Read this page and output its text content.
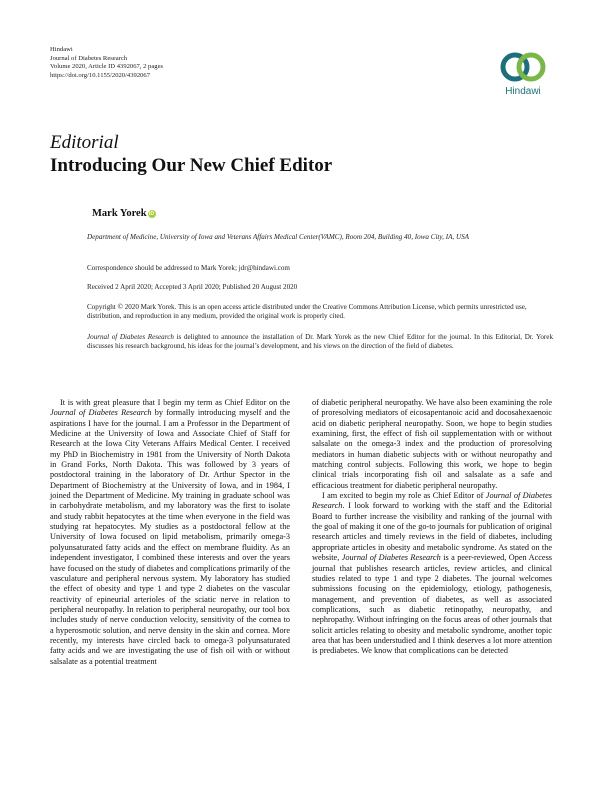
Hindawi
Journal of Diabetes Research
Volume 2020, Article ID 4392067, 2 pages
https://doi.org/10.1155/2020/4392067
Hindawi
Editorial
Introducing Our New Chief Editor
Mark Yorek iD
Department of Medicine, University of Iowa and Veterans Affairs Medical Center(VAMC), Room 204, Building 40, Iowa City, IA, USA
Correspondence should be addressed to Mark Yorek; jdr@hindawi.com
Received 2 April 2020; Accepted 3 April 2020; Published 20 August 2020
Copyright © 2020 Mark Yorek. This is an open access article distributed under the Creative Commons Attribution License, which permits unrestricted use, distribution, and reproduction in any medium, provided the original work is properly cited.
Journal of Diabetes Research is delighted to announce the installation of Dr. Mark Yorek as the new Chief Editor for the journal. In this Editorial, Dr. Yorek discusses his research background, his ideas for the journal’s development, and his views on the direction of the field of diabetes.

It is with great pleasure that I begin my term as Chief Editor on the Journal of Diabetes Research by formally introducing myself and the aspirations I have for the journal. I am a Professor in the Department of Medicine at the University of Iowa and Associate Chief of Staff for Research at the Iowa City Veterans Affairs Medical Center. I received my PhD in Biochemistry in 1981 from the University of North Dakota in Grand Forks, North Dakota. This was followed by 3 years of postdoctoral training in the laboratory of Dr. Arthur Spector in the Department of Biochemistry at the University of Iowa, and in 1984, I joined the Department of Medicine. My training in graduate school was in carbohydrate metabolism, and my laboratory was the first to isolate and study rabbit hepatocytes at the time when everyone in the field was studying rat hepatocytes. My studies as a postdoctoral fellow at the University of Iowa focused on lipid metabolism, primarily omega-3 polyunsaturated fatty acids and the effect on membrane fluidity. As an independent investigator, I combined these interests and over the years have focused on the study of diabetes and complications primarily of the vasculature and peripheral nervous system. My laboratory has studied the effect of obesity and type 1 and type 2 diabetes on the vascular reactivity of epineurial arterioles of the sciatic nerve in relation to peripheral neuropathy. In relation to peripheral neuropathy, our tool box includes study of nerve conduction velocity, sensitivity of the cornea to a hyperosmotic solution, and nerve density in the skin and cornea. More recently, my interests have circled back to omega-3 polyunsaturated fatty acids and we are investigating the use of fish oil with or without salsalate as a potential treatment

of diabetic peripheral neuropathy. We have also been examining the role of proresolving mediators of eicosapentanoic acid and docosahexaenoic acid on diabetic peripheral neuropathy. Soon, we hope to begin studies examining, first, the effect of fish oil supplementation with or without salsalate on the omega-3 index and the production of proresolving mediators in human diabetic subjects with or without neuropathy and matching control subjects. Following this work, we hope to begin clinical trials incorporating fish oil and salsalate as a safe and efficacious treatment for diabetic peripheral neuropathy.

I am excited to begin my role as Chief Editor of Journal of Diabetes Research. I look forward to working with the staff and the Editorial Board to further increase the visibility and ranking of the journal with the goal of making it one of the go-to journals for publication of original research articles and timely reviews in the field of diabetes, including appropriate articles in obesity and metabolic syndrome. As stated on the website, Journal of Diabetes Research is a peer-reviewed, Open Access journal that publishes research articles, review articles, and clinical studies related to type 1 and type 2 diabetes. The journal welcomes submissions focusing on the epidemiology, etiology, pathogenesis, management, and prevention of diabetes, as well as associated complications, such as diabetic retinopathy, neuropathy, and nephropathy. Without infringing on the focus areas of other journals that solicit articles relating to obesity and metabolic syndrome, another topic area that has been understudied and I think deserves a lot more attention is prediabetes. We know that complications can be detected
